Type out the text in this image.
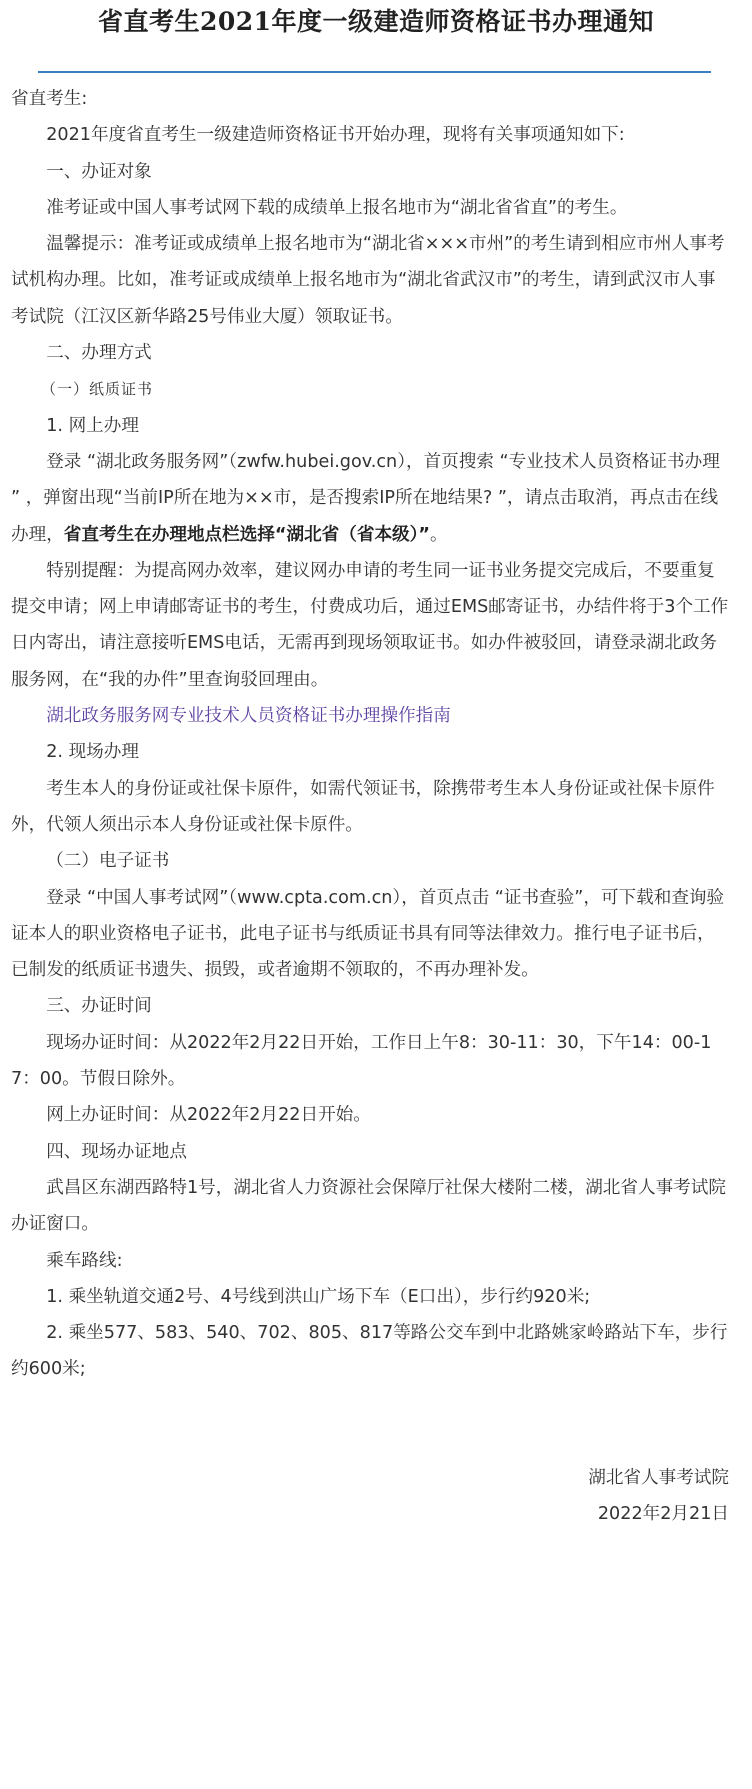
省直考生2021年度一级建造师资格证书办理通知

省直考生:

2021年度省直考生一级建造师资格证书开始办理，现将有关事项通知如下:

一、办证对象

准考证或中国人事考试网下载的成绩单上报名地市为“湖北省省直”的考生。

温馨提示：准考证或成绩单上报名地市为“湖北省×××市州”的考生请到相应市州人事考试机构办理。比如，准考证或成绩单上报名地市为“湖北省武汉市”的考生，请到武汉市人事考试院（江汉区新华路25号伟业大厦）领取证书。

二、办理方式

（一）纸质证书

1. 网上办理

登录 “湖北政务服务网”（zwfw.hubei.gov.cn），首页搜索 “专业技术人员资格证书办理 ” ，弹窗出现“当前IP所在地为××市，是否搜索IP所在地结果? ”，请点击取消，再点击在线办理，省直考生在办理地点栏选择“湖北省（省本级）”。

特别提醒：为提高网办效率，建议网办申请的考生同一证书业务提交完成后，不要重复提交申请；网上申请邮寄证书的考生，付费成功后，通过EMS邮寄证书，办结件将于3个工作日内寄出，请注意接听EMS电话，无需再到现场领取证书。如办件被驳回，请登录湖北政务服务网，在“我的办件”里查询驳回理由。

湖北政务服务网专业技术人员资格证书办理操作指南

2. 现场办理

考生本人的身份证或社保卡原件，如需代领证书，除携带考生本人身份证或社保卡原件外，代领人须出示本人身份证或社保卡原件。

（二）电子证书

登录 “中国人事考试网”（www.cpta.com.cn），首页点击 “证书查验”，可下载和查询验证本人的职业资格电子证书，此电子证书与纸质证书具有同等法律效力。推行电子证书后，已制发的纸质证书遗失、损毁，或者逾期不领取的，不再办理补发。

三、办证时间

现场办证时间：从2022年2月22日开始，工作日上午8：30-11：30，下午14：00-17：00。节假日除外。

网上办证时间：从2022年2月22日开始。

四、现场办证地点

武昌区东湖西路特1号，湖北省人力资源社会保障厅社保大楼附二楼，湖北省人事考试院办证窗口。

乘车路线:

1. 乘坐轨道交通2号、4号线到洪山广场下车（E口出），步行约920米;

2. 乘坐577、583、540、702、805、817等路公交车到中北路姚家岭路站下车，步行约600米;

湖北省人事考试院

2022年2月21日
